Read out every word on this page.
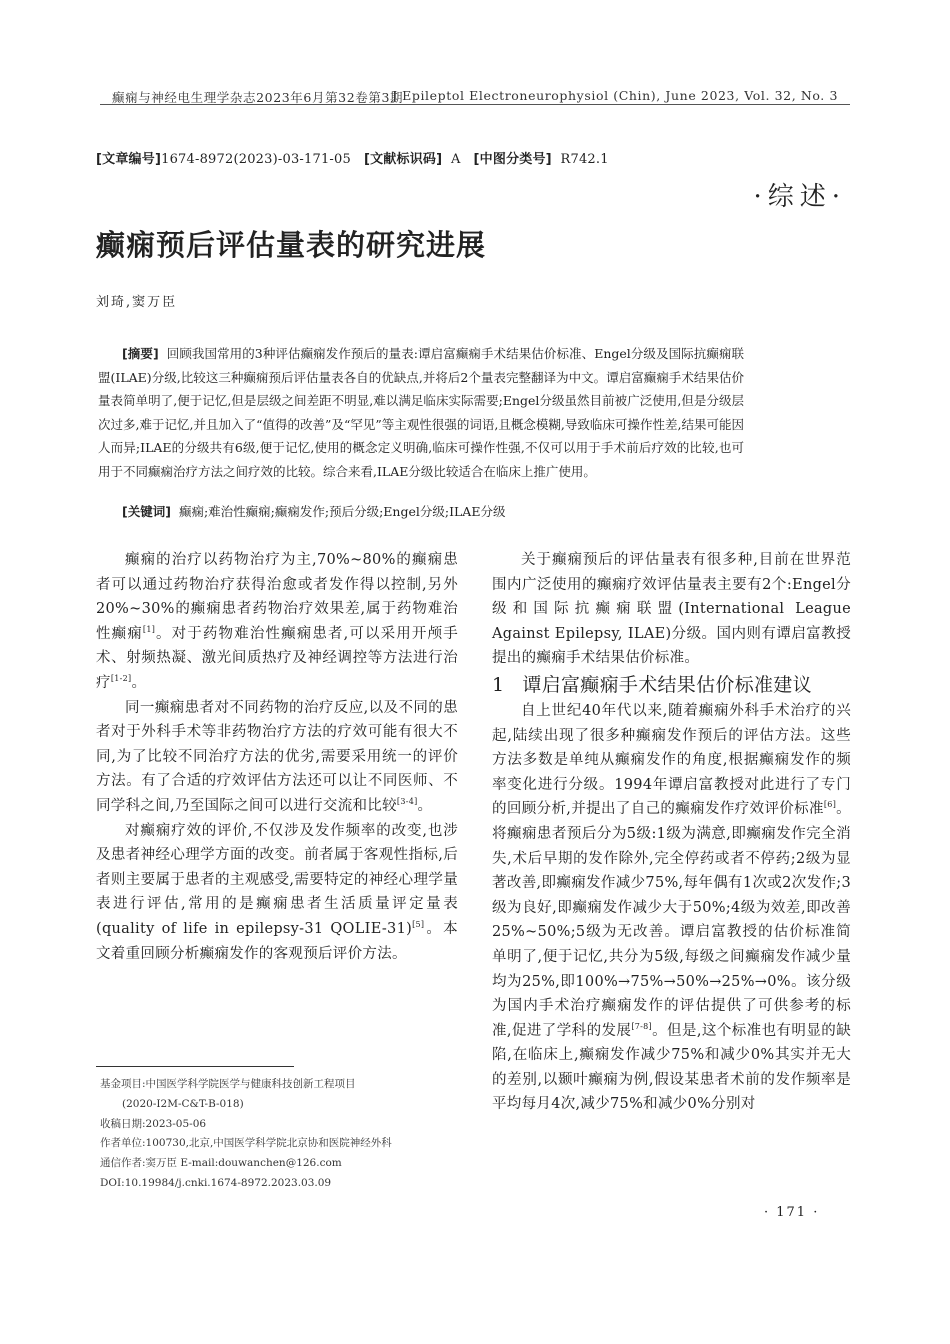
癫痫与神经电生理学杂志2023年6月第32卷第3期
J Epileptol Electroneurophysiol (Chin), June 2023, Vol. 32, No. 3
[文章编号]1674-8972(2023)-03-171-05 [文献标识码] A [中图分类号] R742.1
·综述·
癫痫预后评估量表的研究进展
刘琦,窦万臣
[摘要] 回顾我国常用的3种评估癫痫发作预后的量表:谭启富癫痫手术结果估价标准、Engel分级及国际抗癫痫联盟(ILAE)分级,比较这三种癫痫预后评估量表各自的优缺点,并将后2个量表完整翻译为中文。谭启富癫痫手术结果估价量表简单明了,便于记忆,但是层级之间差距不明显,难以满足临床实际需要;Engel分级虽然目前被广泛使用,但是分级层次过多,难于记忆,并且加入了“值得的改善”及“罕见”等主观性很强的词语,且概念模糊,导致临床可操作性差,结果可能因人而异;ILAE的分级共有6级,便于记忆,使用的概念定义明确,临床可操作性强,不仅可以用于手术前后疗效的比较,也可用于不同癫痫治疗方法之间疗效的比较。综合来看,ILAE分级比较适合在临床上推广使用。
[关键词] 癫痫;难治性癫痫;癫痫发作;预后分级;Engel分级;ILAE分级

癫痫的治疗以药物治疗为主,70%~80%的癫痫患者可以通过药物治疗获得治愈或者发作得以控制,另外20%~30%的癫痫患者药物治疗效果差,属于药物难治性癫痫[1]。对于药物难治性癫痫患者,可以采用开颅手术、射频热凝、激光间质热疗及神经调控等方法进行治疗[1-2]。

同一癫痫患者对不同药物的治疗反应,以及不同的患者对于外科手术等非药物治疗方法的疗效可能有很大不同,为了比较不同治疗方法的优劣,需要采用统一的评价方法。有了合适的疗效评估方法还可以让不同医师、不同学科之间,乃至国际之间可以进行交流和比较[3-4]。

对癫痫疗效的评价,不仅涉及发作频率的改变,也涉及患者神经心理学方面的改变。前者属于客观性指标,后者则主要属于患者的主观感受,需要特定的神经心理学量表进行评估,常用的是癫痫患者生活质量评定量表(quality of life in epilepsy-31 QOLIE-31)[5]。本文着重回顾分析癫痫发作的客观预后评价方法。

关于癫痫预后的评估量表有很多种,目前在世界范围内广泛使用的癫痫疗效评估量表主要有2个:Engel分级和国际抗癫痫联盟(International League Against Epilepsy, ILAE)分级。国内则有谭启富教授提出的癫痫手术结果估价标准。

1 谭启富癫痫手术结果估价标准建议

自上世纪40年代以来,随着癫痫外科手术治疗的兴起,陆续出现了很多种癫痫发作预后的评估方法。这些方法多数是单纯从癫痫发作的角度,根据癫痫发作的频率变化进行分级。1994年谭启富教授对此进行了专门的回顾分析,并提出了自己的癫痫发作疗效评价标准[6]。将癫痫患者预后分为5级:1级为满意,即癫痫发作完全消失,术后早期的发作除外,完全停药或者不停药;2级为显著改善,即癫痫发作减少75%,每年偶有1次或2次发作;3级为良好,即癫痫发作减少大于50%;4级为效差,即改善25%~50%;5级为无改善。谭启富教授的估价标准简单明了,便于记忆,共分为5级,每级之间癫痫发作减少量均为25%,即100%→75%→50%→25%→0%。该分级为国内手术治疗癫痫发作的评估提供了可供参考的标准,促进了学科的发展[7-8]。但是,这个标准也有明显的缺陷,在临床上,癫痫发作减少75%和减少0%其实并无大的差别,以颞叶癫痫为例,假设某患者术前的发作频率是平均每月4次,减少75%和减少0%分别对

基金项目:中国医学科学院医学与健康科技创新工程项目
(2020-I2M-C&T-B-018)
收稿日期:2023-05-06
作者单位:100730,北京,中国医学科学院北京协和医院神经外科
通信作者:窦万臣 E-mail:douwanchen@126.com
DOI:10.19984/j.cnki.1674-8972.2023.03.09
· 171 ·
